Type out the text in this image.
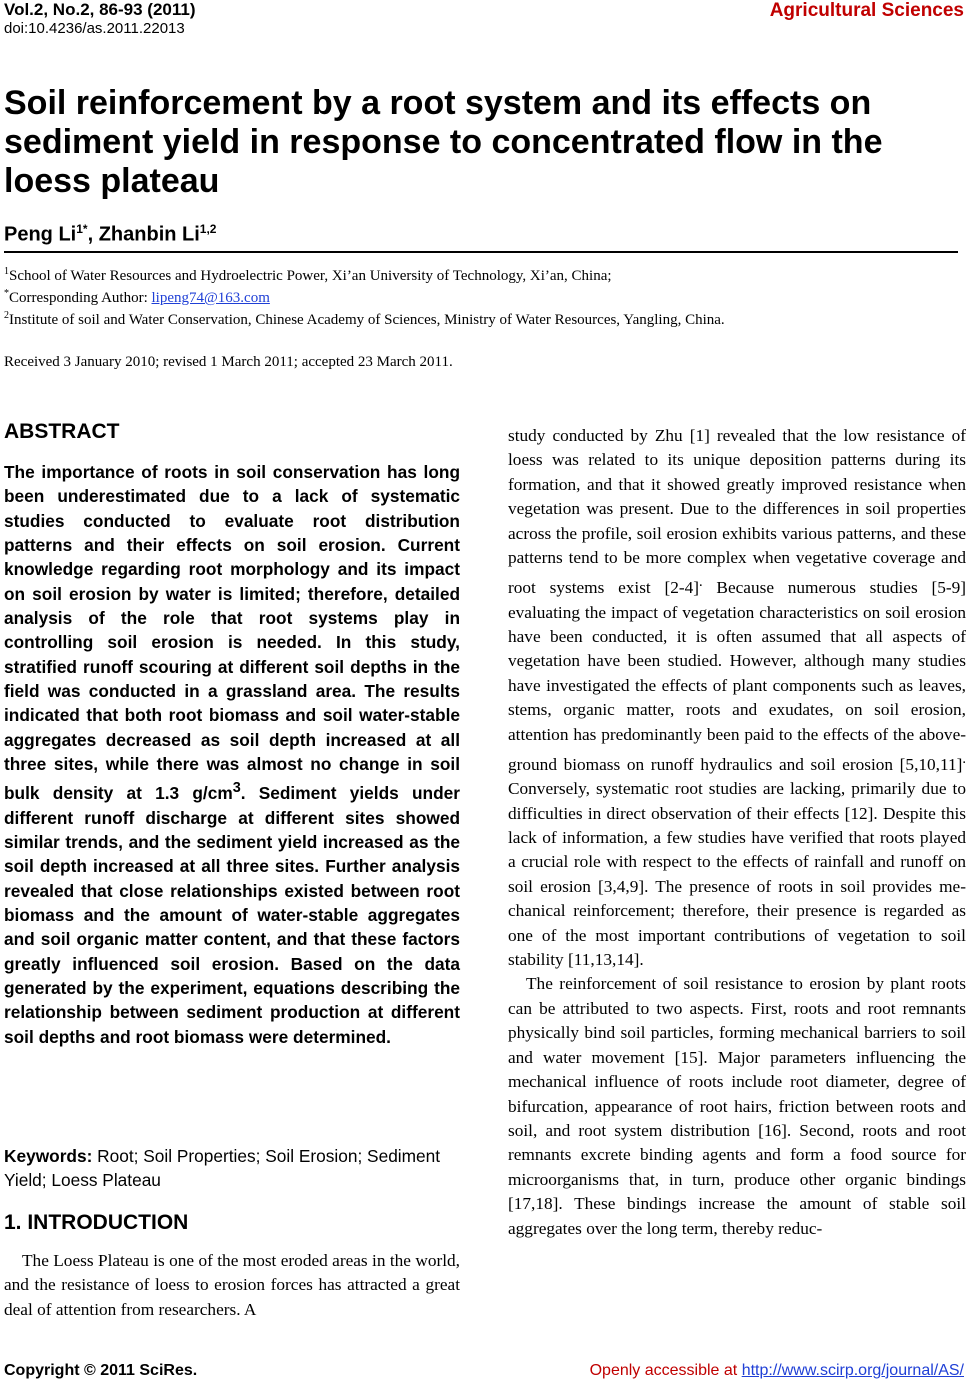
Vol.2, No.2, 86-93 (2011)
doi:10.4236/as.2011.22013
Agricultural Sciences
Soil reinforcement by a root system and its effects on sediment yield in response to concentrated flow in the loess plateau
Peng $Li^{1*}$, Zhanbin Li$^{1,2}$
$^1$School of Water Resources and Hydroelectric Power, Xi’an University of Technology, Xi’an, China;
*Corresponding Author: lipeng74@163.com
$^2$Institute of soil and Water Conservation, Chinese Academy of Sciences, Ministry of Water Resources, Yangling, China.
Received 3 January 2010; revised 1 March 2011; accepted 23 March 2011.
ABSTRACT
The importance of roots in soil conservation has long been underestimated due to a lack of systematic studies conducted to evaluate root distribution patterns and their effects on soil erosion. Current knowledge regarding root morphology and its impact on soil erosion by water is limited; therefore, detailed analysis of the role that root systems play in controlling soil erosion is needed. In this study, stratified runoff scouring at different soil depths in the field was conducted in a grassland area. The results indicated that both root biomass and soil water-stable aggregates decreased as soil depth increased at all three sites, while there was almost no change in soil bulk density at 1.3 $g/cm^3$. Sediment yields under different runoff discharge at different sites showed similar trends, and the sediment yield increased as the soil depth increased at all three sites. Further analysis revealed that close relationships existed between root biomass and the amount of water-stable aggregates and soil organic matter content, and that these factors greatly influenced soil erosion. Based on the data generated by the experiment, equations describing the relationship between sediment production at different soil depths and root biomass were determined.
Keywords: Root; Soil Properties; Soil Erosion; Sediment Yield; Loess Plateau
1. INTRODUCTION
The Loess Plateau is one of the most eroded areas in the world, and the resistance of loess to erosion forces has attracted a great deal of attention from researchers. A

study conducted by Zhu [1] revealed that the low resistance of loess was related to its unique deposition patterns during its formation, and that it showed greatly improved resistance when vegetation was present. Due to the differences in soil properties across the profile, soil erosion exhibits various patterns, and these patterns tend to be more complex when vegetative coverage and root systems exist [2-4]. Because numerous studies [5-9] evaluating the impact of vegetation characteristics on soil erosion have been conducted, it is often assumed that all aspects of vegetation have been studied. However, although many studies have investigated the effects of plant components such as leaves, stems, organic matter, roots and exudates, on soil erosion, attention has predominantly been paid to the effects of the above-ground biomass on runoff hydraulics and soil erosion [5,10,11]. Conversely, systematic root studies are lacking, primarily due to difficulties in direct observation of their effects [12]. Despite this lack of information, a few studies have verified that roots played a crucial role with respect to the effects of rainfall and runoff on soil erosion [3,4,9]. The presence of roots in soil provides mechanical reinforcement; therefore, their presence is regarded as one of the most important contributions of vegetation to soil stability [11,13,14].

The reinforcement of soil resistance to erosion by plant roots can be attributed to two aspects. First, roots and root remnants physically bind soil particles, forming mechanical barriers to soil and water movement [15]. Major parameters influencing the mechanical influence of roots include root diameter, degree of bifurcation, appearance of root hairs, friction between roots and soil, and root system distribution [16]. Second, roots and root remnants excrete binding agents and form a food source for microorganisms that, in turn, produce other organic bindings [17,18]. These bindings increase the amount of stable soil aggregates over the long term, thereby reduc-

Copyright © 2011 SciRes.	Openly accessible at http://www.scirp.org/journal/AS/
